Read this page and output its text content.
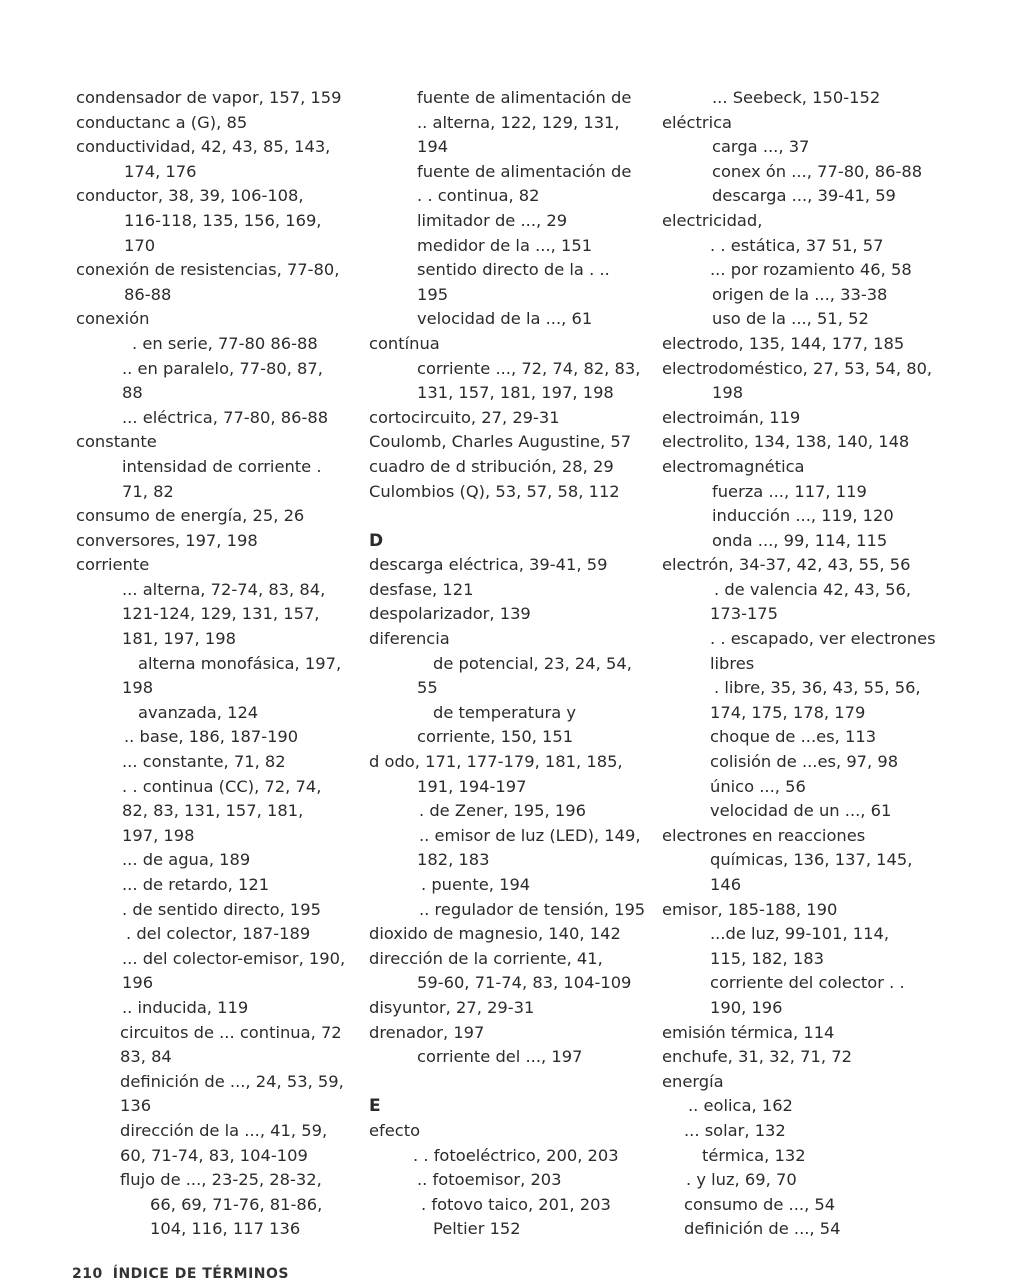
condensador de vapor, 157, 159
conductanc a (G), 85
conductividad, 42, 43, 85, 143,
174, 176
conductor, 38, 39, 106-108,
116-118, 135, 156, 169,
170
conexión de resistencias, 77-80,
86-88
conexión
. en serie, 77-80 86-88
.. en paralelo, 77-80, 87,
88
... eléctrica, 77-80, 86-88
constante
intensidad de corriente .
71, 82
consumo de energía, 25, 26
conversores, 197, 198
corriente
... alterna, 72-74, 83, 84,
121-124, 129, 131, 157,
181, 197, 198
alterna monofásica, 197,
198
avanzada, 124
.. base, 186, 187-190
... constante, 71, 82
. . continua (CC), 72, 74,
82, 83, 131, 157, 181,
197, 198
... de agua, 189
... de retardo, 121
. de sentido directo, 195
. del colector, 187-189
... del colector-emisor, 190,
196
.. inducida, 119
circuitos de ... continua, 72
83, 84
definición de ..., 24, 53, 59,
136
dirección de la ..., 41, 59,
60, 71-74, 83, 104-109
flujo de ..., 23-25, 28-32,
66, 69, 71-76, 81-86,
104, 116, 117 136
fuente de alimentación de
.. alterna, 122, 129, 131,
194
fuente de alimentación de
. . continua, 82
limitador de ..., 29
medidor de la ..., 151
sentido directo de la . ..
195
velocidad de la ..., 61
contínua
corriente ..., 72, 74, 82, 83,
131, 157, 181, 197, 198
cortocircuito, 27, 29-31
Coulomb, Charles Augustine, 57
cuadro de d stribución, 28, 29
Culombios (Q), 53, 57, 58, 112
D
descarga eléctrica, 39-41, 59
desfase, 121
despolarizador, 139
diferencia
de potencial, 23, 24, 54,
55
de temperatura y
corriente, 150, 151
d odo, 171, 177-179, 181, 185,
191, 194-197
. de Zener, 195, 196
.. emisor de luz (LED), 149,
182, 183
. puente, 194
.. regulador de tensión, 195
dioxido de magnesio, 140, 142
dirección de la corriente, 41,
59-60, 71-74, 83, 104-109
disyuntor, 27, 29-31
drenador, 197
corriente del ..., 197
E
efecto
. . fotoeléctrico, 200, 203
.. fotoemisor, 203
. fotovo taico, 201, 203
Peltier 152
... Seebeck, 150-152
eléctrica
carga ..., 37
conex ón ..., 77-80, 86-88
descarga ..., 39-41, 59
electricidad,
. . estática, 37 51, 57
... por rozamiento 46, 58
origen de la ..., 33-38
uso de la ..., 51, 52
electrodo, 135, 144, 177, 185
electrodoméstico, 27, 53, 54, 80,
198
electroimán, 119
electrolito, 134, 138, 140, 148
electromagnética
fuerza ..., 117, 119
inducción ..., 119, 120
onda ..., 99, 114, 115
electrón, 34-37, 42, 43, 55, 56
. de valencia 42, 43, 56,
173-175
. . escapado, ver electrones
libres
. libre, 35, 36, 43, 55, 56,
174, 175, 178, 179
choque de ...es, 113
colisión de ...es, 97, 98
único ..., 56
velocidad de un ..., 61
electrones en reacciones
químicas, 136, 137, 145,
146
emisor, 185-188, 190
...de luz, 99-101, 114,
115, 182, 183
corriente del colector . .
190, 196
emisión térmica, 114
enchufe, 31, 32, 71, 72
energía
.. eolica, 162
... solar, 132
térmica, 132
. y luz, 69, 70
consumo de ..., 54
definición de ..., 54
210 ÍNDICE DE TÉRMINOS
